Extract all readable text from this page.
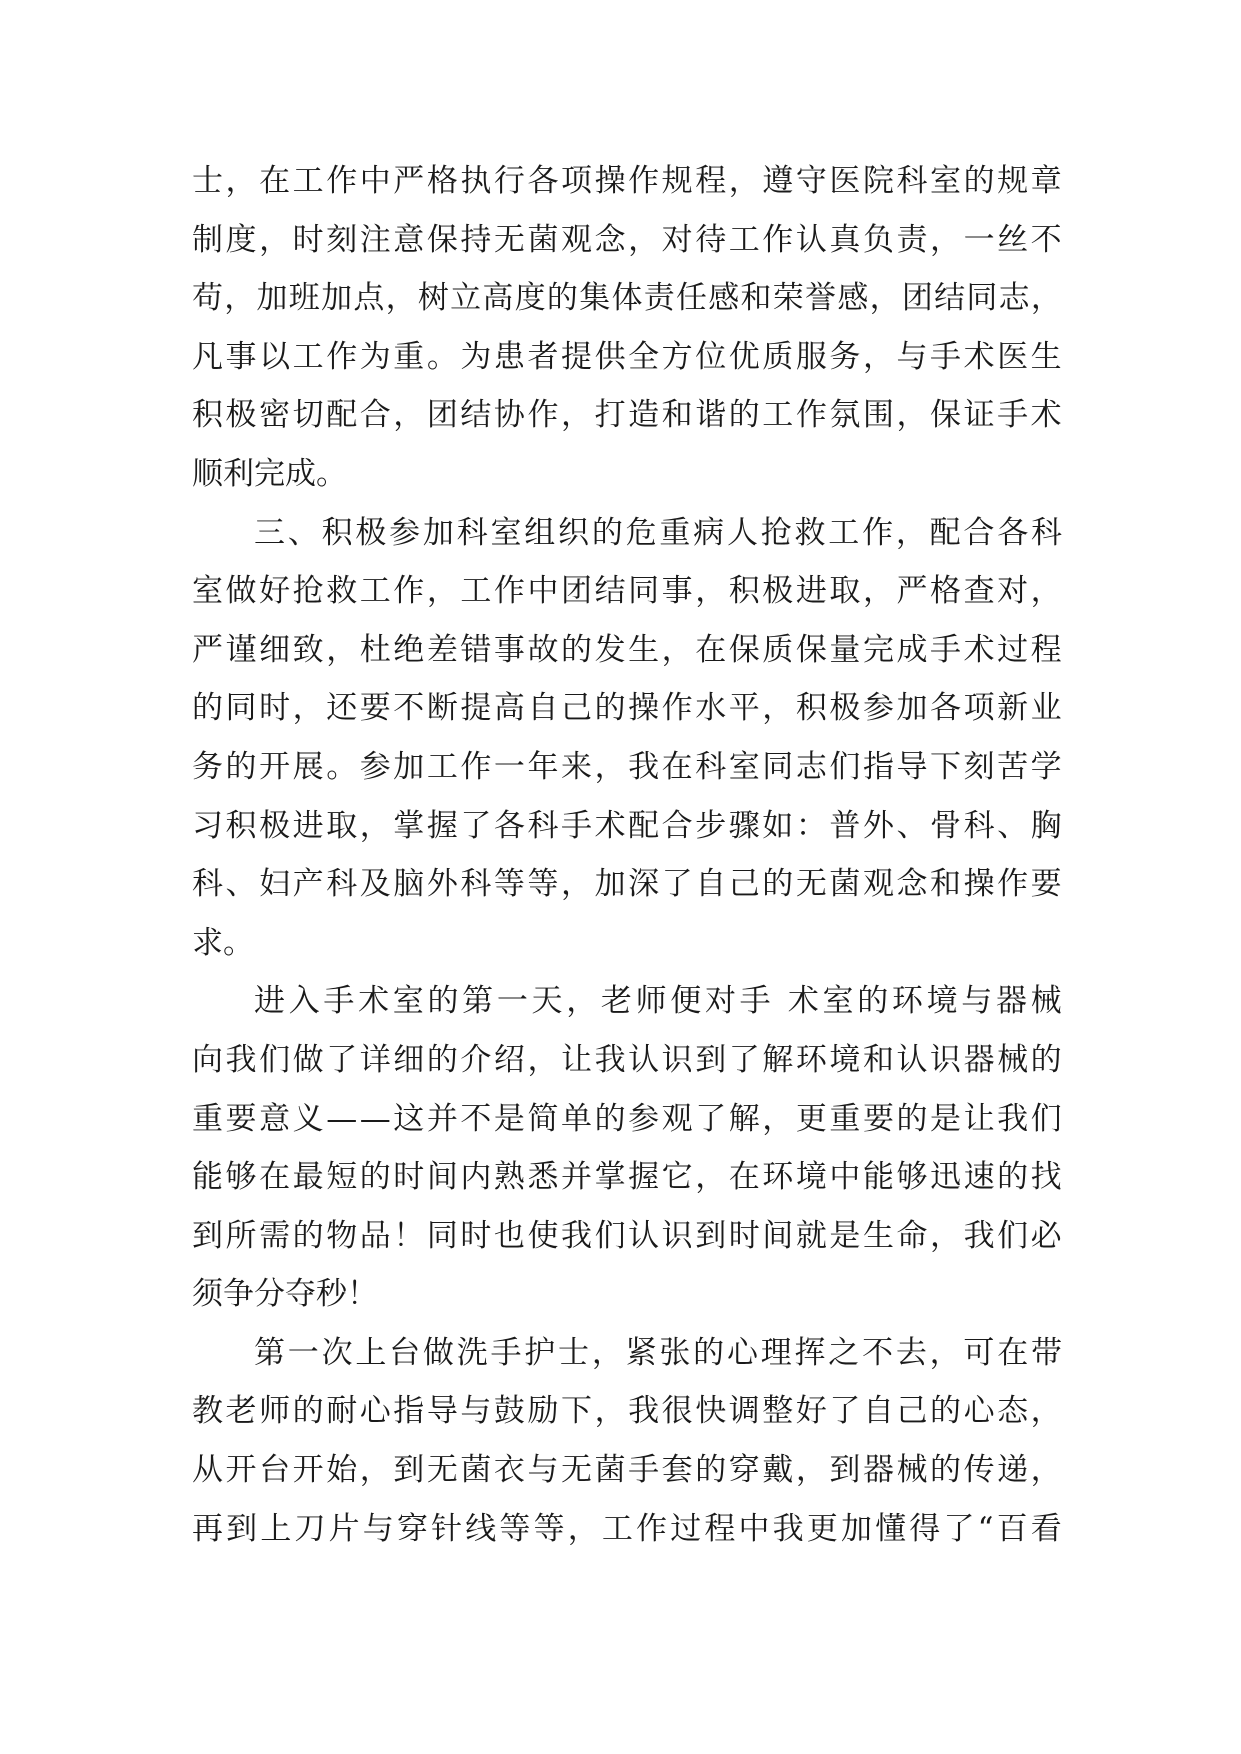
士 ， 在 工 作 中 严 格 执 行 各 项 操 作 规 程 ， 遵 守 医 院 科 室 的 规 章
制 度 ， 时 刻 注 意 保 持 无 菌 观 念 ， 对 待 工 作 认 真 负 责 ， 一 丝 不
苟 ， 加 班 加 点 ， 树 立 高 度 的 集 体 责 任 感 和 荣 誉 感 ， 团 结 同 志 ，
凡 事 以 工 作 为 重 。 为 患 者 提 供 全 方 位 优 质 服 务 ， 与 手 术 医 生
积 极 密 切 配 合 ， 团 结 协 作 ， 打 造 和 谐 的 工 作 氛 围 ， 保 证 手 术
顺利完成。
三 、 积 极 参 加 科 室 组 织 的 危 重 病 人 抢 救 工 作 ， 配 合 各 科
室 做 好 抢 救 工 作 ， 工 作 中 团 结 同 事 ， 积 极 进 取 ， 严 格 查 对 ，
严 谨 细 致 ， 杜 绝 差 错 事 故 的 发 生 ， 在 保 质 保 量 完 成 手 术 过 程
的 同 时 ， 还 要 不 断 提 高 自 己 的 操 作 水 平 ， 积 极 参 加 各 项 新 业
务 的 开 展 。 参 加 工 作 一 年 来 ， 我 在 科 室 同 志 们 指 导 下 刻 苦 学
习 积 极 进 取 ， 掌 握 了 各 科 手 术 配 合 步 骤 如 ： 普 外 、 骨 科 、 胸
科 、 妇 产 科 及 脑 外 科 等 等 ， 加 深 了 自 己 的 无 菌 观 念 和 操 作 要
求。
进 入 手 术 室 的 第 一 天 ， 老 师 便 对 手
术 室 的 环 境 与 器 械
向 我 们 做 了 详 细 的 介 绍 ， 让 我 认 识 到 了 解 环 境 和 认 识 器 械 的
重 要 意 义 — — 这 并 不 是 简 单 的 参 观 了 解 ， 更 重 要 的 是 让 我 们
能 够 在 最 短 的 时 间 内 熟 悉 并 掌 握 它 ， 在 环 境 中 能 够 迅 速 的 找
到 所 需 的 物 品 ！ 同 时 也 使 我 们 认 识 到 时 间 就 是 生 命 ， 我 们 必
须争分夺秒！
第 一 次 上 台 做 洗 手 护 士 ， 紧 张 的 心 理 挥 之 不 去 ， 可 在 带
教 老 师 的 耐 心 指 导 与 鼓 励 下 ， 我 很 快 调 整 好 了 自 己 的 心 态 ，
从 开 台 开 始 ， 到 无 菌 衣 与 无 菌 手 套 的 穿 戴 ， 到 器 械 的 传 递 ，
再 到 上 刀 片 与 穿 针 线 等 等 ， 工 作 过 程 中 我 更 加 懂 得 了 “ 百 看
